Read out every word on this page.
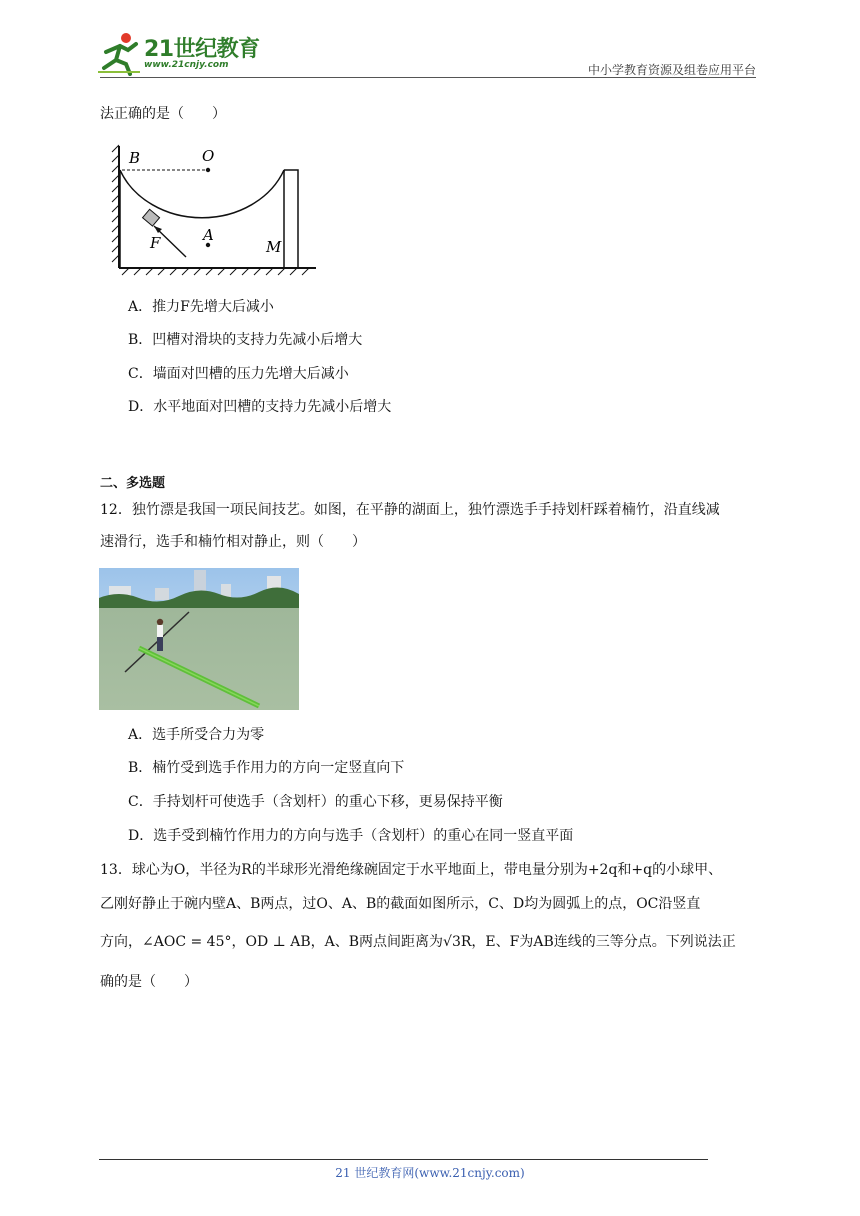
21世纪教育
www.21cnjy.com	中小学教育资源及组卷应用平台
法正确的是（　　）
B	O
F	A
M
A．推力F先增大后减小
B．凹槽对滑块的支持力先减小后增大
C．墙面对凹槽的压力先增大后减小
D．水平地面对凹槽的支持力先减小后增大
二、多选题
12．独竹漂是我国一项民间技艺。如图，在平静的湖面上，独竹漂选手手持划杆踩着楠竹，沿直线减
速滑行，选手和楠竹相对静止，则（　　）
A．选手所受合力为零
B．楠竹受到选手作用力的方向一定竖直向下
C．手持划杆可使选手（含划杆）的重心下移，更易保持平衡
D．选手受到楠竹作用力的方向与选手（含划杆）的重心在同一竖直平面
13．球心为O，半径为R的半球形光滑绝缘碗固定于水平地面上，带电量分别为+2q和+q的小球甲、
乙刚好静止于碗内壁A、B两点，过O、A、B的截面如图所示，C、D均为圆弧上的点，OC沿竖直
方向，∠AOC = 45°，OD ⊥ AB，A、B两点间距离为√3R，E、F为AB连线的三等分点。下列说法正
确的是（　　）
21 世纪教育网(www.21cnjy.com)
